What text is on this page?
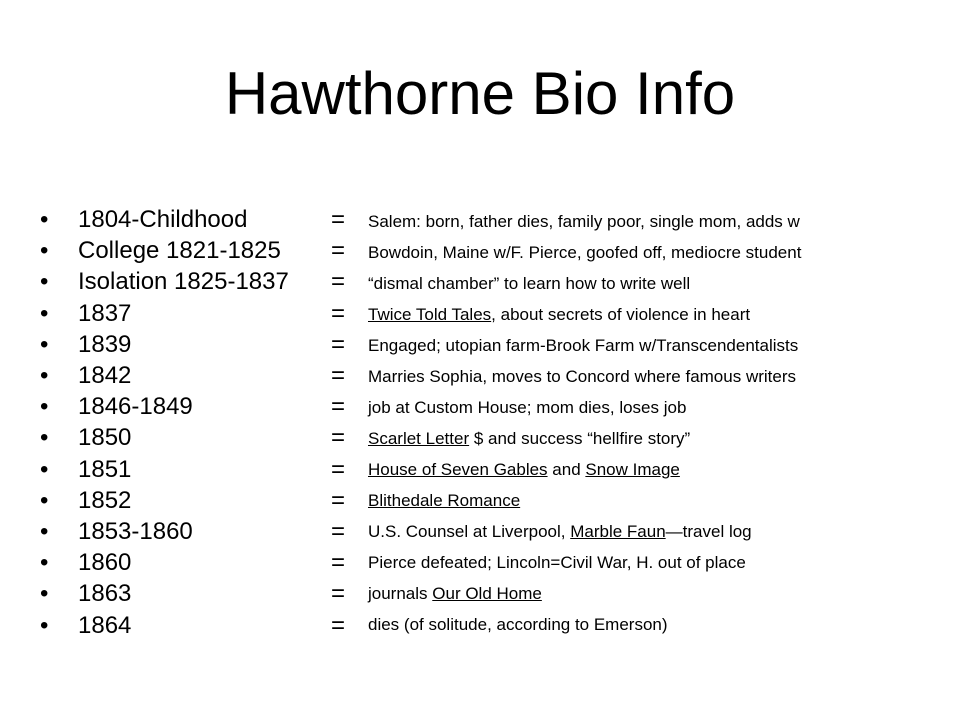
Hawthorne Bio Info
• 1804-Childhood
• College 1821-1825
• Isolation 1825-1837
• 1837
• 1839
• 1842
• 1846-1849
• 1850
• 1851
• 1852
• 1853-1860
• 1860
• 1863
• 1864
=
=
=
=
=
=
=
=
=
=
=
=
=
=
Salem: born, father dies, family poor, single mom, adds w
Bowdoin, Maine w/F. Pierce, goofed off, mediocre student
“dismal chamber” to learn how to write well
Twice Told Tales, about secrets of violence in heart
Engaged; utopian farm-Brook Farm w/Transcendentalists
Marries Sophia, moves to Concord where famous writers
job at Custom House; mom dies, loses job
Scarlet Letter $ and success “hellfire story”
House of Seven Gables and Snow Image
Blithedale Romance
U.S. Counsel at Liverpool, Marble Faun—travel log
Pierce defeated; Lincoln=Civil War, H. out of place
journals Our Old Home
dies (of solitude, according to Emerson)
